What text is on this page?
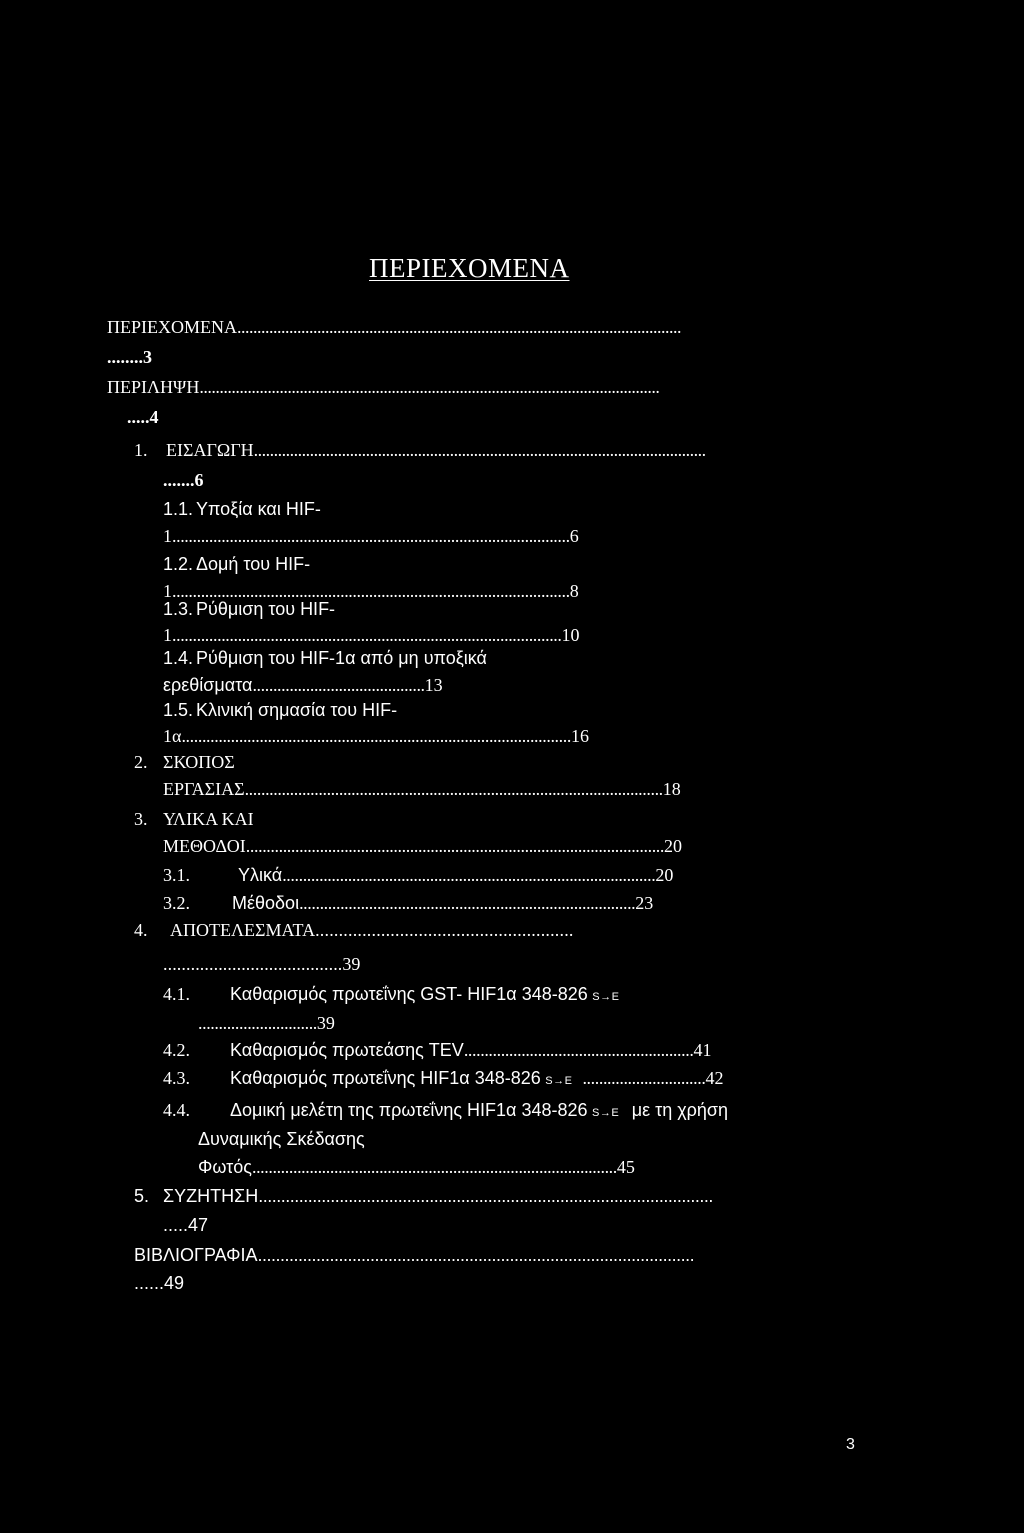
ΠΕΡΙΕΧΟΜΕΝΑ
ΠΕΡΙΕΧΟΜΕΝΑ...............................................................................................................
........3
ΠΕΡΙΛΗΨΗ...................................................................................................................
.....4
1. ΕΙΣΑΓΩΓΗ.................................................................................................................
.......6
1.1. Υποξία και HIF-
1.................................................................................................6
1.2. Δομή του HIF-
1.................................................................................................8
1.3. Ρύθμιση του HIF-
1...............................................................................................10
1.4. Ρύθμιση του HIF-1α από μη υποξικά
ερεθίσματα..........................................13
1.5. Κλινική σημασία του HIF-
1α...............................................................................................16
2. ΣΚΟΠΟΣ
ΕΡΓΑΣΙΑΣ......................................................................................................18
3. ΥΛΙΚΑ ΚΑΙ
ΜΕΘΟΔΟΙ......................................................................................................20
3.1.	Υλικά...........................................................................................20
3.2. Μέθοδοι..................................................................................23
4. ΑΠΟΤΕΛΕΣΜΑΤΑ.......................................................
.......................................39
4.1. Καθαρισμός πρωτεΐνης GST- HIF1α 348-826 S→E
.............................39
4.2. Καθαρισμός πρωτεάσης TEV........................................................41
4.3. Καθαρισμός πρωτεΐνης HIF1α 348-826 S→E ..............................42
4.4. Δομική μελέτη της πρωτεΐνης HIF1α 348-826 S→E με τη χρήση
Δυναμικής Σκέδασης
Φωτός.........................................................................................45
5. ΣΥΖΗΤΗΣΗ.....................................................................................................
.....47
ΒΙΒΛΙΟΓΡΑΦΙΑ.................................................................................................
......49
3
